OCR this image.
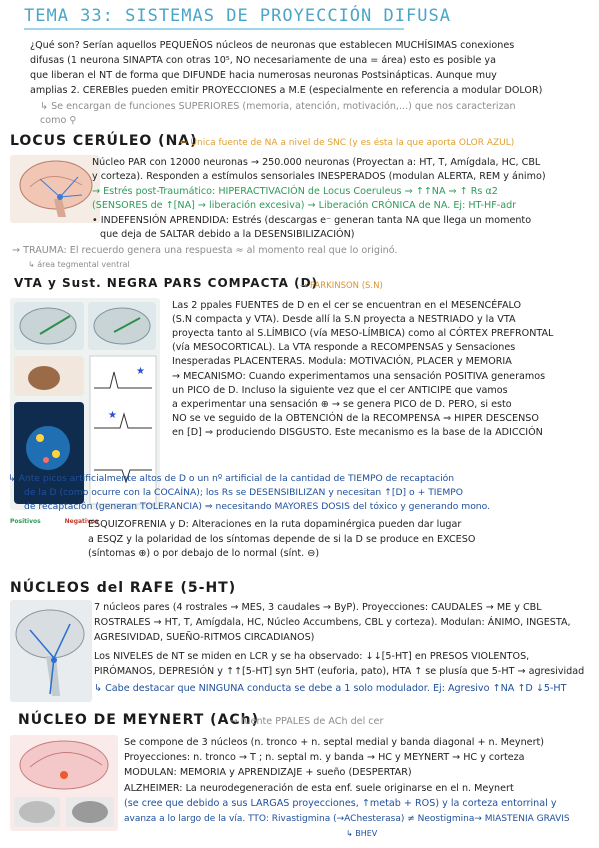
TEMA 33: SISTEMAS DE PROYECCIÓN DIFUSA
¿Qué son? Serían aquellos PEQUEÑOS núcleos de neuronas que establecen MUCHÍSIMAS conexiones
difusas (1 neurona SINAPTA con otras 10⁵, NO necesariamente de una = área) esto es posible ya
que liberan el NT de forma que DIFUNDE hacia numerosas neuronas Postsinápticas. Aunque muy
amplias 2. CEREBles pueden emitir PROYECCIONES a M.E (especialmente en referencia a modular DOLOR)
↳ Se encargan de funciones SUPERIORES (memoria, atención, motivación,...) que nos caracterizan
como ⚲
LOCUS CERÚLEO (NA)
← Única fuente de NA a nivel de SNC (y es ésta la que aporta OLOR AZUL)
Núcleo PAR con 12000 neuronas → 250.000 neuronas (Proyectan a: HT, T, Amígdala, HC, CBL
y corteza). Responden a estímulos sensoriales INESPERADOS (modulan ALERTA, REM y ánimo)
→ Estrés post-Traumático: HIPERACTIVACIÓN de Locus Coeruleus ⇒ ↑↑NA ⇒ ↑ Rs α2
(SENSORES de ↑[NA] → liberación excesiva) → Liberación CRÓNICA de NA. Ej: HT-HF-adr
• INDEFENSIÓN APRENDIDA: Estrés (descargas e⁻ generan tanta NA que llega un momento
que deja de SALTAR debido a la DESENSIBILIZACIÓN)
→ TRAUMA: El recuerdo genera una respuesta ≈ al momento real que lo originó.
↳ área tegmental ventral
VTA y Sust. NEGRA PARS COMPACTA (D)
→ PARKINSON (S.N)
★
★
Las 2 ppales FUENTES de D en el cer se encuentran en el MESENCÉFALO
(S.N compacta y VTA). Desde allí la S.N proyecta a NESTRIADO y la VTA
proyecta tanto al S.LÍMBICO (vía MESO-LÍMBICA) como al CÓRTEX PREFRONTAL
(vía MESOCORTICAL). La VTA responde a RECOMPENSAS y Sensaciones
Inesperadas PLACENTERAS. Modula: MOTIVACIÓN, PLACER y MEMORIA
→ MECANISMO: Cuando experimentamos una sensación POSITIVA generamos
un PICO de D. Incluso la siguiente vez que el cer ANTICIPE que vamos
a experimentar una sensación ⊕ → se genera PICO de D. PERO, si esto
NO se ve seguido de la OBTENCIÓN de la RECOMPENSA ⇒ HIPER DESCENSO
en [D] ⇒ produciendo DISGUSTO. Este mecanismo es la base de la ADICCIÓN
↳ Ante picos artificialmente altos de D o un nº artificial de la cantidad de TIEMPO de recaptación
de la D (como ocurre con la COCAÍNA); los Rs se DESENSIBILIZAN y necesitan ↑[D] o + TIEMPO
de recaptación (generan TOLERANCIA) ⇒ necesitando MAYORES DOSIS del tóxico y generando mono.
Positivos	Negativos
ESQUIZOFRENIA y D: Alteraciones en la ruta dopaminérgica pueden dar lugar
a ESQZ y la polaridad de los síntomas depende de si la D se produce en EXCESO
(síntomas ⊕) o por debajo de lo normal (sínt. ⊖)
NÚCLEOS del RAFE (5-HT)
7 núcleos pares (4 rostrales → MES, 3 caudales → ByP). Proyecciones: CAUDALES → ME y CBL
ROSTRALES → HT, T, Amígdala, HC, Núcleo Accumbens, CBL y corteza). Modulan: ÁNIMO, INGESTA,
AGRESIVIDAD, SUEÑO-RITMOS CIRCADIANOS)
Los NIVELES de NT se miden en LCR y se ha observado: ↓↓[5-HT] en PRESOS VIOLENTOS,
PIRÓMANOS, DEPRESIÓN y ↑↑[5-HT] syn 5HT (euforia, pato), HTA ↑ se plusía que 5-HT → agresividad
↳ Cabe destacar que NINGUNA conducta se debe a 1 solo modulador. Ej: Agresivo ↑NA ↑D ↓5-HT
NÚCLEO DE MEYNERT (ACh)
→ fuente PPALES de ACh del cer
Se compone de 3 núcleos (n. tronco + n. septal medial y banda diagonal + n. Meynert)
Proyecciones: n. tronco → T ; n. septal m. y banda → HC y MEYNERT → HC y corteza
MODULAN: MEMORIA y APRENDIZAJE + sueño (DESPERTAR)
ALZHEIMER: La neurodegeneración de esta enf. suele originarse en el n. Meynert
(se cree que debido a sus LARGAS proyecciones, ↑metab + ROS) y la corteza entorrinal y
avanza a lo largo de la vía. TTO: Rivastigmina (→AChesterasa) ≠ Neostigmina→ MIASTENIA GRAVIS
↳ BHEV
